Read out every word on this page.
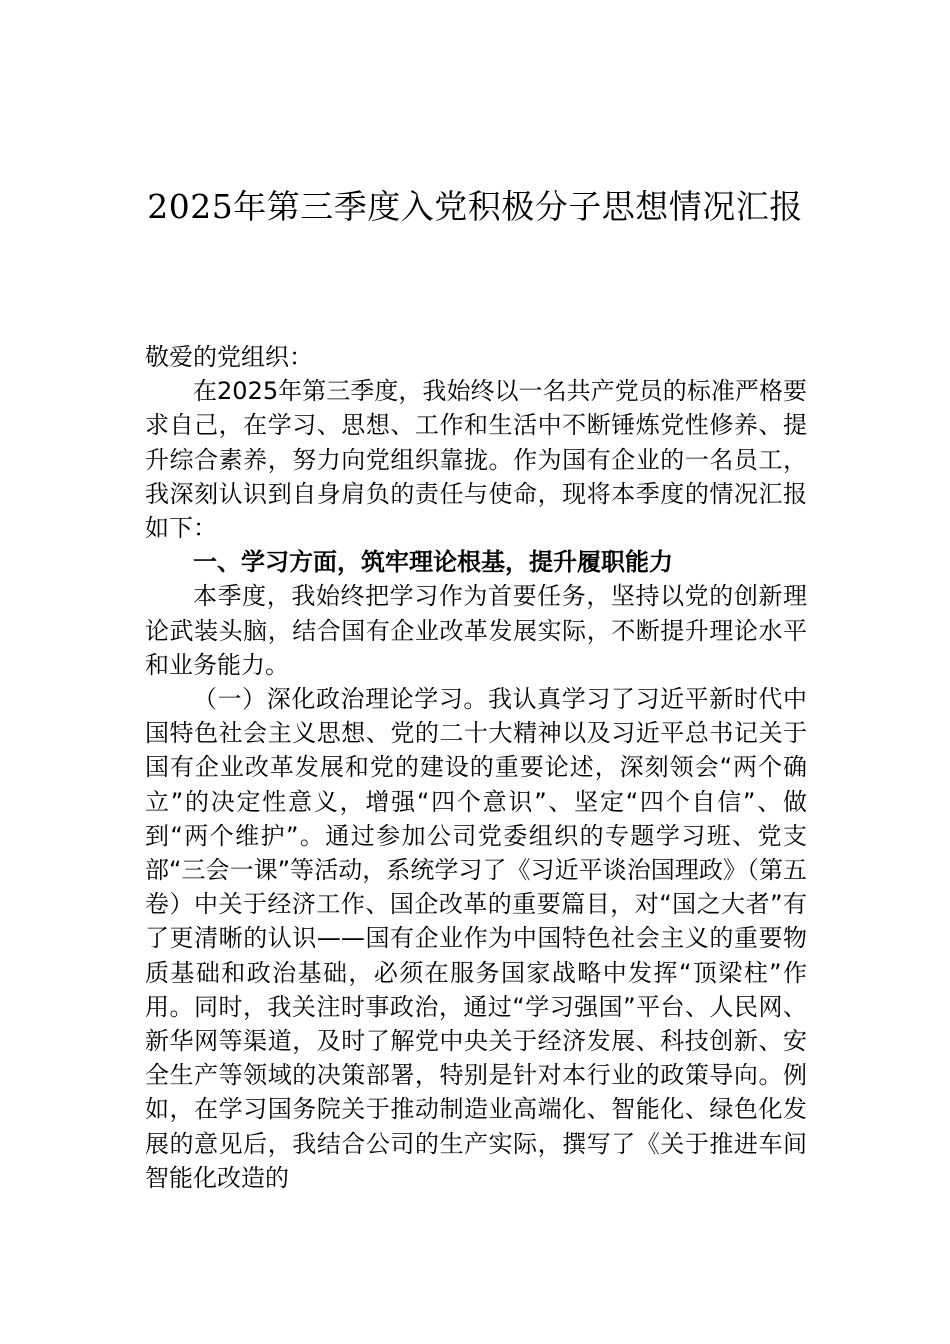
2025年第三季度入党积极分子思想情况汇报

敬爱的党组织：

在2025年第三季度，我始终以一名共产党员的标准严格要求自己，在学习、思想、工作和生活中不断锤炼党性修养、提升综合素养，努力向党组织靠拢。作为国有企业的一名员工，我深刻认识到自身肩负的责任与使命，现将本季度的情况汇报如下：

一、学习方面，筑牢理论根基，提升履职能力

本季度，我始终把学习作为首要任务，坚持以党的创新理论武装头脑，结合国有企业改革发展实际，不断提升理论水平和业务能力。

（一）深化政治理论学习。我认真学习了习近平新时代中国特色社会主义思想、党的二十大精神以及习近平总书记关于国有企业改革发展和党的建设的重要论述，深刻领会“两个确立”的决定性意义，增强“四个意识”、坚定“四个自信”、做到“两个维护”。通过参加公司党委组织的专题学习班、党支部“三会一课”等活动，系统学习了《习近平谈治国理政》（第五卷）中关于经济工作、国企改革的重要篇目，对“国之大者”有了更清晰的认识——国有企业作为中国特色社会主义的重要物质基础和政治基础，必须在服务国家战略中发挥“顶梁柱”作用。同时，我关注时事政治，通过“学习强国”平台、人民网、新华网等渠道，及时了解党中央关于经济发展、科技创新、安全生产等领域的决策部署，特别是针对本行业的政策导向。例如，在学习国务院关于推动制造业高端化、智能化、绿色化发展的意见后，我结合公司的生产实际，撰写了《关于推进车间智能化改造的
